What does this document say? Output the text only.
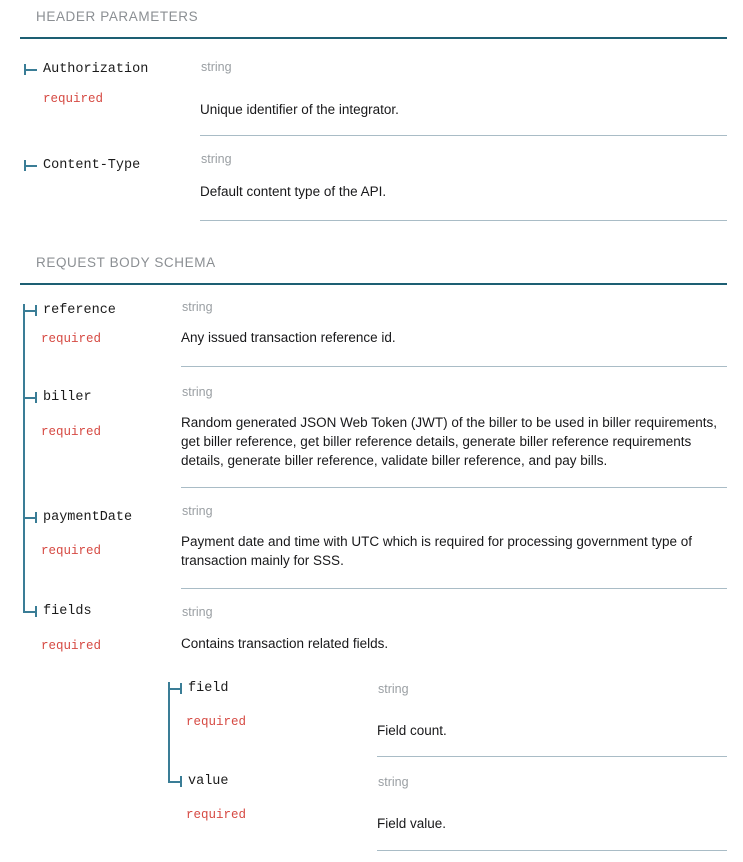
HEADER PARAMETERS
Authorization
required
string
Unique identifier of the integrator.
Content-Type	string
Default content type of the API.
REQUEST BODY SCHEMA
reference
required
string
Any issued transaction reference id.
biller
required
string
Random generated JSON Web Token (JWT) of the biller to be used in biller requirements, get biller reference, get biller reference details, generate biller reference requirements details, generate biller reference, validate biller reference, and pay bills.
paymentDate
required
string
Payment date and time with UTC which is required for processing government type of transaction mainly for SSS.
fields
required
string
Contains transaction related fields.
field
required
string
Field count.
value
required
string
Field value.
